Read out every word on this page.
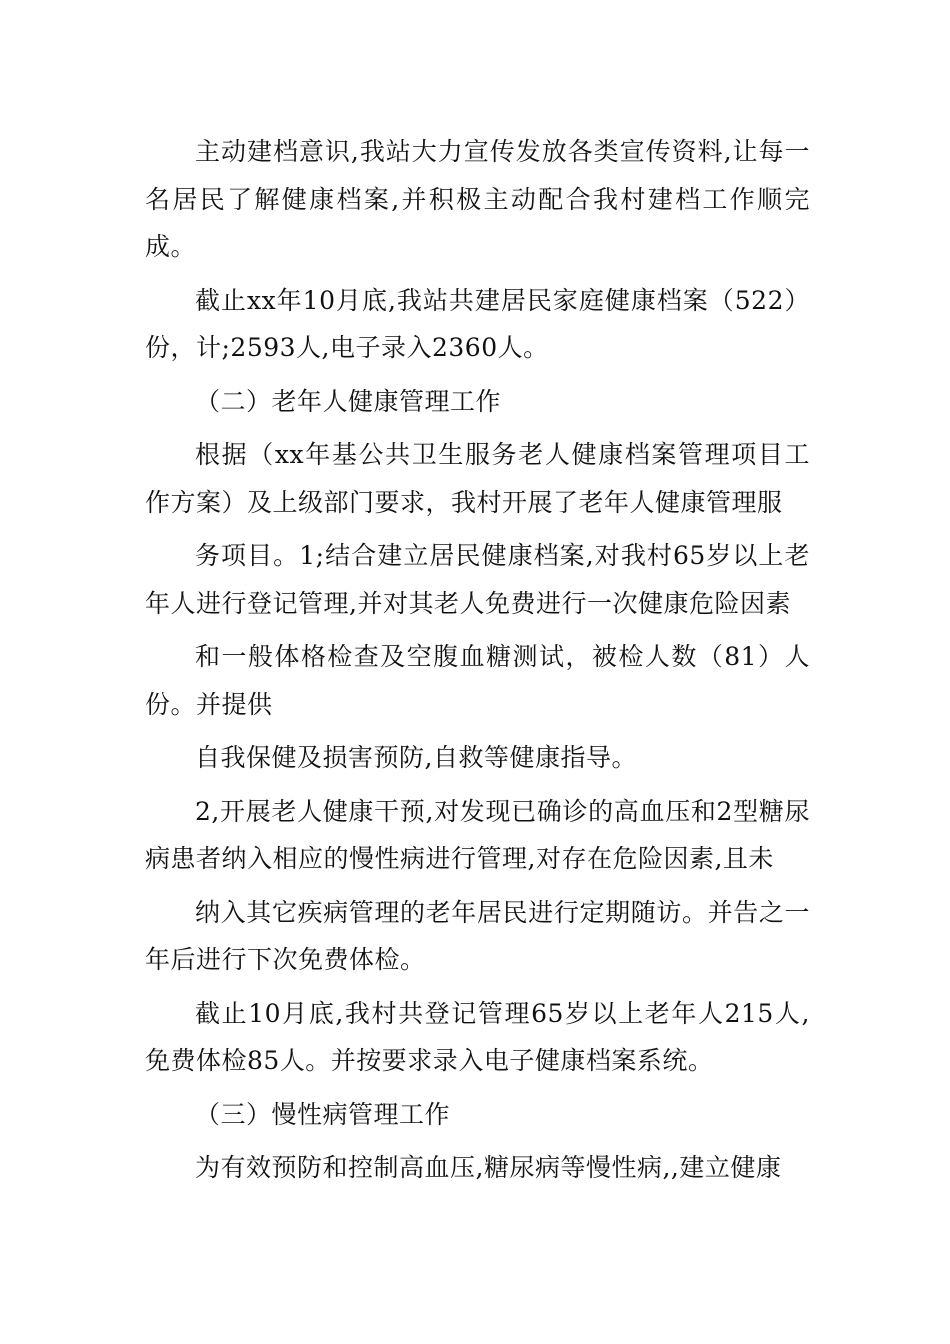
主动建档意识,我站大力宣传发放各类宣传资料,让每一名居民了解健康档案,并积极主动配合我村建档工作顺完成。

截止xx年10月底,我站共建居民家庭健康档案（522）份，计;2593人,电子录入2360人。

（二）老年人健康管理工作

根据（xx年基公共卫生服务老人健康档案管理项目工作方案）及上级部门要求，我村开展了老年人健康管理服

务项目。1;结合建立居民健康档案,对我村65岁以上老年人进行登记管理,并对其老人免费进行一次健康危险因素

和一般体格检查及空腹血糖测试，被检人数（81）人份。并提供

自我保健及损害预防,自救等健康指导。

2,开展老人健康干预,对发现已确诊的高血压和2型糖尿病患者纳入相应的慢性病进行管理,对存在危险因素,且未

纳入其它疾病管理的老年居民进行定期随访。并告之一年后进行下次免费体检。

截止10月底,我村共登记管理65岁以上老年人215人,免费体检85人。并按要求录入电子健康档案系统。

（三）慢性病管理工作

为有效预防和控制高血压,糖尿病等慢性病,,建立健康
